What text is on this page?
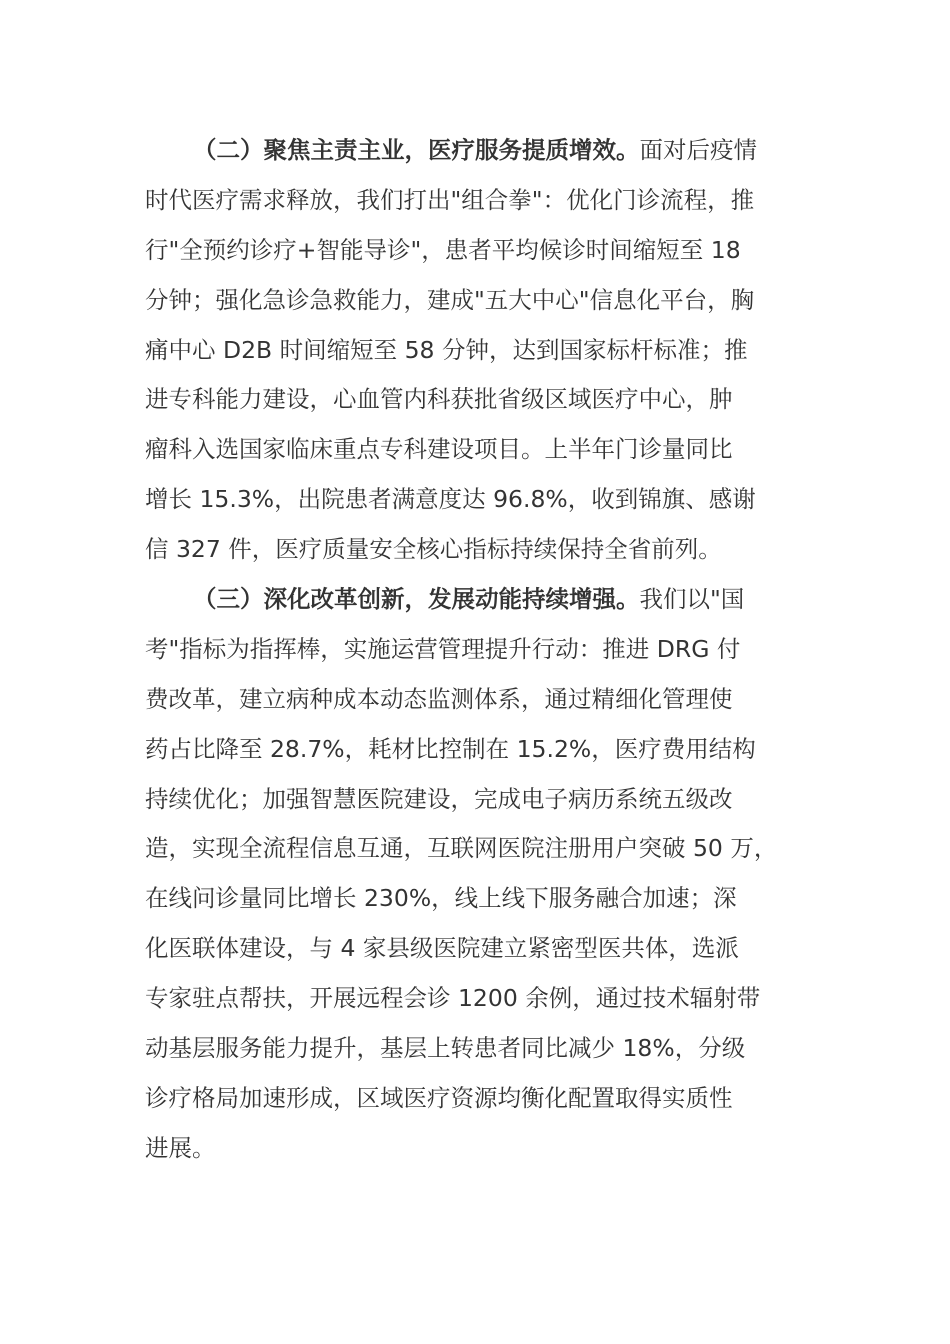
（二）聚焦主责主业，医疗服务提质增效。面对后疫情
时代医疗需求释放，我们打出"组合拳"：优化门诊流程，推
行"全预约诊疗+智能导诊"，患者平均候诊时间缩短至 18
分钟；强化急诊急救能力，建成"五大中心"信息化平台，胸
痛中心 D2B 时间缩短至 58 分钟，达到国家标杆标准；推
进专科能力建设，心血管内科获批省级区域医疗中心，肿
瘤科入选国家临床重点专科建设项目。上半年门诊量同比
增长 15.3%，出院患者满意度达 96.8%，收到锦旗、感谢
信 327 件，医疗质量安全核心指标持续保持全省前列。
（三）深化改革创新，发展动能持续增强。我们以"国
考"指标为指挥棒，实施运营管理提升行动：推进 DRG 付
费改革，建立病种成本动态监测体系，通过精细化管理使
药占比降至 28.7%，耗材比控制在 15.2%，医疗费用结构
持续优化；加强智慧医院建设，完成电子病历系统五级改
造，实现全流程信息互通，互联网医院注册用户突破 50 万，
在线问诊量同比增长 230%，线上线下服务融合加速；深
化医联体建设，与 4 家县级医院建立紧密型医共体，选派
专家驻点帮扶，开展远程会诊 1200 余例，通过技术辐射带
动基层服务能力提升，基层上转患者同比减少 18%，分级
诊疗格局加速形成，区域医疗资源均衡化配置取得实质性
进展。
